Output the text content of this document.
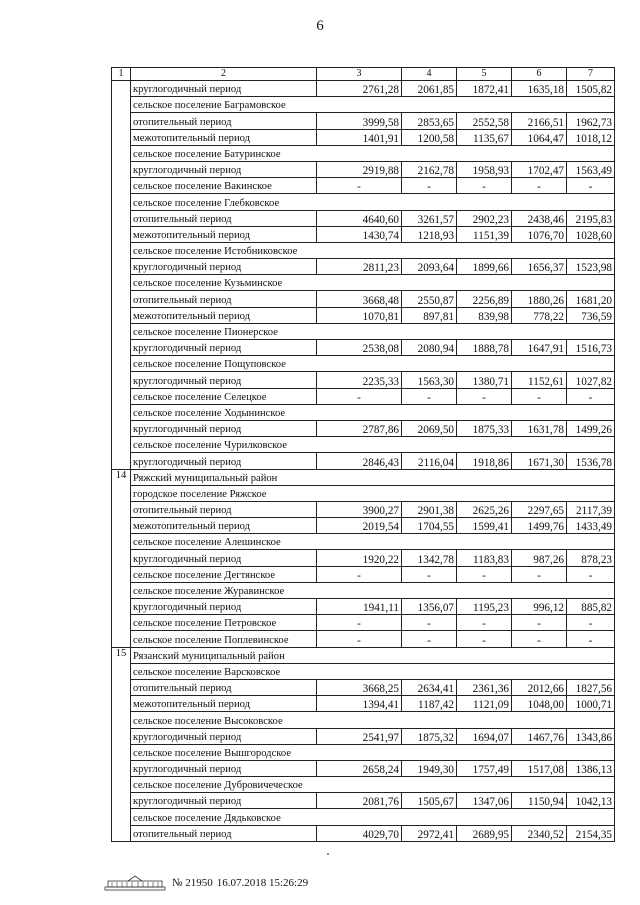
6
1	2	3	4	5	6	7
	круглогодичный период	2761,28	2061,85	1872,41	1635,18	1505,82
	сельское поселение Баграмовское					
	отопительный период	3999,58	2853,65	2552,58	2166,51	1962,73
	межотопительный период	1401,91	1200,58	1135,67	1064,47	1018,12
	сельское поселение Батуринское					
	круглогодичный период	2919,88	2162,78	1958,93	1702,47	1563,49
	сельское поселение Вакинское	-	-	-	-	-
	сельское поселение Глебковское					
	отопительный период	4640,60	3261,57	2902,23	2438,46	2195,83
	межотопительный период	1430,74	1218,93	1151,39	1076,70	1028,60
	сельское поселение Истобниковское					
	круглогодичный период	2811,23	2093,64	1899,66	1656,37	1523,98
	сельское поселение Кузьминское					
	отопительный период	3668,48	2550,87	2256,89	1880,26	1681,20
	межотопительный период	1070,81	897,81	839,98	778,22	736,59
	сельское поселение Пионерское					
	круглогодичный период	2538,08	2080,94	1888,78	1647,91	1516,73
	сельское поселение Пощуповское					
	круглогодичный период	2235,33	1563,30	1380,71	1152,61	1027,82
	сельское поселение Селецкое	-	-	-	-	-
	сельское поселение Ходынинское					
	круглогодичный период	2787,86	2069,50	1875,33	1631,78	1499,26
	сельское поселение Чурилковское					
	круглогодичный период	2846,43	2116,04	1918,86	1671,30	1536,78
14	Ряжский муниципальный район					
	городское поселение Ряжское					
	отопительный период	3900,27	2901,38	2625,26	2297,65	2117,39
	межотопительный период	2019,54	1704,55	1599,41	1499,76	1433,49
	сельское поселение Алешинское					
	круглогодичный период	1920,22	1342,78	1183,83	987,26	878,23
	сельское поселение Дегтянское	-	-	-	-	-
	сельское поселение Журавинское					
	круглогодичный период	1941,11	1356,07	1195,23	996,12	885,82
	сельское поселение Петровское	-	-	-	-	-
	сельское поселение Поплевинское	-	-	-	-	-
15	Рязанский муниципальный район					
	сельское поселение Варсковское					
	отопительный период	3668,25	2634,41	2361,36	2012,66	1827,56
	межотопительный период	1394,41	1187,42	1121,09	1048,00	1000,71
	сельское поселение Высоковское					
	круглогодичный период	2541,97	1875,32	1694,07	1467,76	1343,86
	сельское поселение Вышгородское					
	круглогодичный период	2658,24	1949,30	1757,49	1517,08	1386,13
	сельское поселение Дубровичеческое					
	круглогодичный период	2081,76	1505,67	1347,06	1150,94	1042,13
	сельское поселение Дядьковское					
	отопительный период	4029,70	2972,41	2689,95	2340,52	2154,35
№ 21950 16.07.2018 15:26:29
